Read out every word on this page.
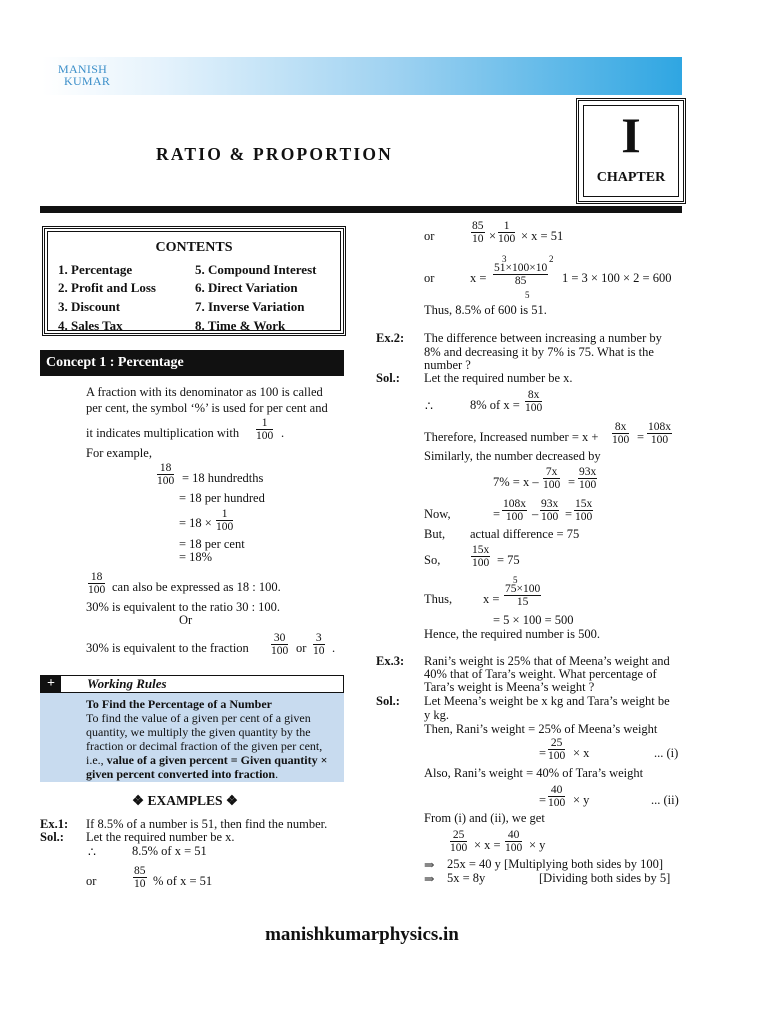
MANISH
KUMAR
RATIO & PROPORTION	I
CHAPTER
CONTENTS
1. Percentage
2. Profit and Loss
3. Discount
4. Sales Tax
5. Compound Interest
6. Direct Variation
7. Inverse Variation
8. Time & Work
Concept 1 : Percentage
A fraction with its denominator as 100 is called
per cent, the symbol ‘%’ is used for per cent and
it indicates multiplication with $\frac{1}{100}$ .
For example,
$\frac{18}{100} = 18$ hundredths
= 18 per hundred
= $18 \times \frac{1}{100}$
= 18 per cent
= 18%
$\frac{18}{100}$ can also be expressed as 18 : 100.
30% is equivalent to the ratio 30 : 100.
Or
30% is equivalent to the fraction $\frac{30}{100}$ or $\frac{3}{10}$ .
+	Working Rules
To Find the Percentage of a Number
To find the value of a given per cent of a given
quantity, we multiply the given quantity by the
fraction or decimal fraction of the given per cent,
i.e., value of a given percent = Given quantity ×
given percent converted into fraction.
❖ EXAMPLES ❖
Ex.1: If 8.5% of a number is 51, then find the number.
Sol.: Let the required number be x.
∴	8.5% of x = 51
or	$\frac{85}{10}$ % of x = 51
or	$\frac{85}{10} \times \frac{1}{100} \times x = 51$
or	x =
3	2
$\frac{51\times 100\times 10}{85}$
5
1 = 3 × 100 × 2 = 600
Thus, 8.5% of 600 is 51.
Ex.2: The difference between increasing a number by
8% and decreasing it by 7% is 75. What is the
number ?
Sol.: Let the required number be x.
∴	8% of $x = \frac{8x}{100}$
Therefore, Increased number = $x + \frac{8x}{100} = \frac{108x}{100}$
Similarly, the number decreased by
$7\% = x - \frac{7x}{100} = \frac{93x}{100}$
Now,	= $\frac{108x}{100} - \frac{93x}{100} = \frac{15x}{100}$
But, actual difference = 75
So,	$\frac{15x}{100} = 75$
Thus, x =
5
$\frac{75\times 100}{15}$
= 5 × 100 = 500
Hence, the required number is 500.
Ex.3: Rani’s weight is 25% that of Meena’s weight and
40% that of Tara’s weight. What percentage of
Tara’s weight is Meena’s weight ?
Sol.: Let Meena’s weight be x kg and Tara’s weight be
y kg.
Then, Rani’s weight = 25% of Meena’s weight
= $\frac{25}{100} \times x$	... (i)
Also, Rani’s weight = 40% of Tara’s weight
= $\frac{40}{100} \times y$	... (ii)
From (i) and (ii), we get
$\frac{25}{100} \times x = \frac{40}{100} \times y$
⇒ 25x = 40 y [Multiplying both sides by 100]
⇒ 5x = 8y	[Dividing both sides by 5]
manishkumarphysics.in
